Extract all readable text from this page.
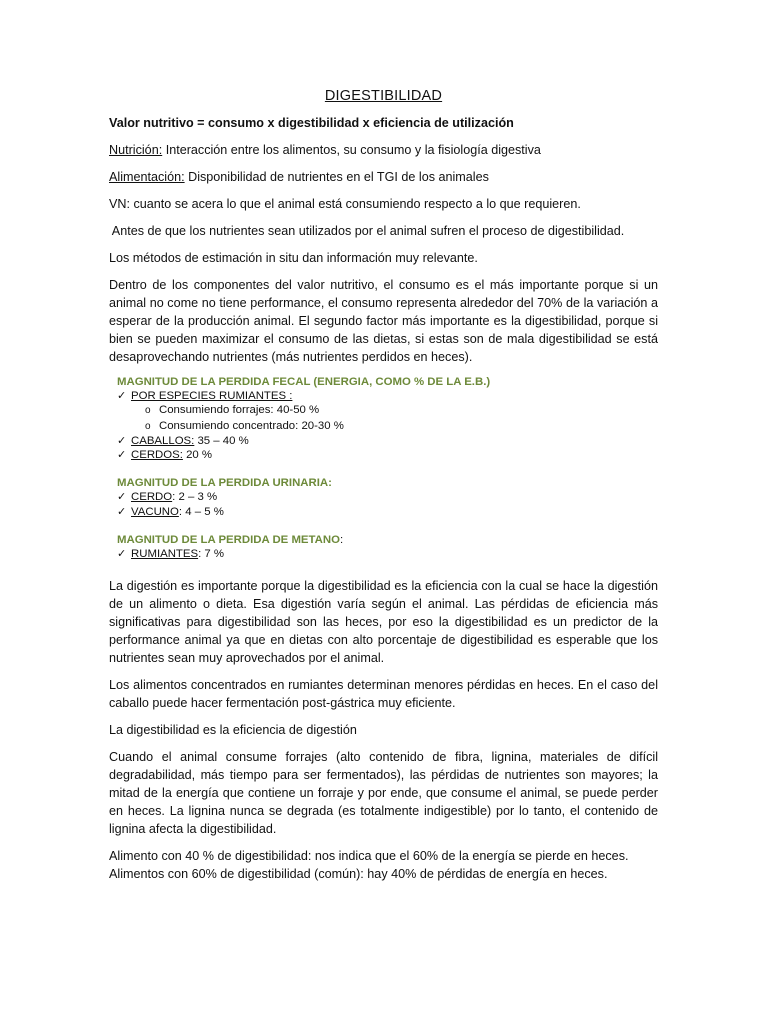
DIGESTIBILIDAD

Valor nutritivo = consumo x digestibilidad x eficiencia de utilización

Nutrición: Interacción entre los alimentos, su consumo y la fisiología digestiva

Alimentación: Disponibilidad de nutrientes en el TGI de los animales

VN: cuanto se acera lo que el animal está consumiendo respecto a lo que requieren.

Antes de que los nutrientes sean utilizados por el animal sufren el proceso de digestibilidad.

Los métodos de estimación in situ dan información muy relevante.

Dentro de los componentes del valor nutritivo, el consumo es el más importante porque si un animal no come no tiene performance, el consumo representa alrededor del 70% de la variación a esperar de la producción animal. El segundo factor más importante es la digestibilidad, porque si bien se pueden maximizar el consumo de las dietas, si estas son de mala digestibilidad se está desaprovechando nutrientes (más nutrientes perdidos en heces).

MAGNITUD DE LA PERDIDA FECAL (ENERGIA, COMO % DE LA E.B.)
✓ POR ESPECIES RUMIANTES :
o Consumiendo forrajes: 40-50 %
o Consumiendo concentrado: 20-30 %
✓ CABALLOS: 35 – 40 %
✓ CERDOS: 20 %
MAGNITUD DE LA PERDIDA URINARIA:
✓ CERDO: 2 – 3 %
✓ VACUNO: 4 – 5 %
MAGNITUD DE LA PERDIDA DE METANO:
✓ RUMIANTES: 7 %

La digestión es importante porque la digestibilidad es la eficiencia con la cual se hace la digestión de un alimento o dieta. Esa digestión varía según el animal. Las pérdidas de eficiencia más significativas para digestibilidad son las heces, por eso la digestibilidad es un predictor de la performance animal ya que en dietas con alto porcentaje de digestibilidad es esperable que los nutrientes sean muy aprovechados por el animal.

Los alimentos concentrados en rumiantes determinan menores pérdidas en heces. En el caso del caballo puede hacer fermentación post-gástrica muy eficiente.

La digestibilidad es la eficiencia de digestión

Cuando el animal consume forrajes (alto contenido de fibra, lignina, materiales de difícil degradabilidad, más tiempo para ser fermentados), las pérdidas de nutrientes son mayores; la mitad de la energía que contiene un forraje y por ende, que consume el animal, se puede perder en heces. La lignina nunca se degrada (es totalmente indigestible) por lo tanto, el contenido de lignina afecta la digestibilidad.

Alimento con 40 % de digestibilidad: nos indica que el 60% de la energía se pierde en heces.
Alimentos con 60% de digestibilidad (común): hay 40% de pérdidas de energía en heces.
